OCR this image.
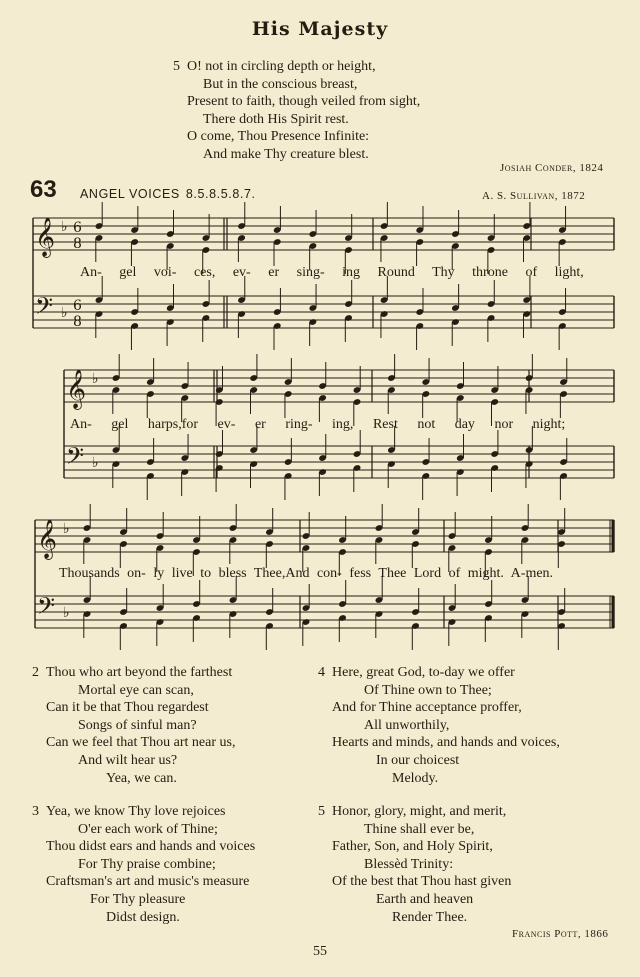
His Majesty
5 O! not in circling depth or height,
But in the conscious breast,
Present to faith, though veiled from sight,
There doth His Spirit rest.
O come, Thou Presence Infinite:
And make Thy creature blest.
Josiah Conder, 1824
63 ANGEL VOICES 8.5.8.5.8.7.	A. S. Sullivan, 1872
𝄞
𝄢
♭
♭
6
8
6
8
𝄞
𝄢
♭
♭
𝄞
𝄢
♭
♭
An- gel voi- ces, ev- er sing- ing Round Thy throne of light,
An- gel harps,for ev- er ring- ing, Rest not day nor night;
Thousands on- ly live to bless Thee,And con- fess Thee Lord of might. A-men.
2 Thou who art beyond the farthest
Mortal eye can scan,
Can it be that Thou regardest
Songs of sinful man?
Can we feel that Thou art near us,
And wilt hear us?
Yea, we can.
3 Yea, we know Thy love rejoices
O'er each work of Thine;
Thou didst ears and hands and voices
For Thy praise combine;
Craftsman's art and music's measure
For Thy pleasure
Didst design.
4 Here, great God, to-day we offer
Of Thine own to Thee;
And for Thine acceptance proffer,
All unworthily,
Hearts and minds, and hands and voices,
In our choicest
Melody.
5 Honor, glory, might, and merit,
Thine shall ever be,
Father, Son, and Holy Spirit,
Blessèd Trinity:
Of the best that Thou hast given
Earth and heaven
Render Thee.
Francis Pott, 1866
55
